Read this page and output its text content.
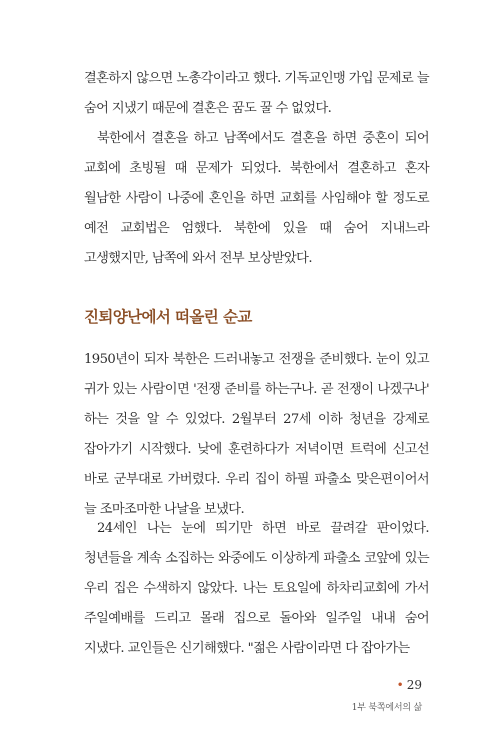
결혼하지 않으면 노총각이라고 했다. 기독교인맹 가입 문제로 늘 숨어 지냈기 때문에 결혼은 꿈도 꿀 수 없었다.

북한에서 결혼을 하고 남쪽에서도 결혼을 하면 중혼이 되어 교회에 초빙될 때 문제가 되었다. 북한에서 결혼하고 혼자 월남한 사람이 나중에 혼인을 하면 교회를 사임해야 할 정도로 예전 교회법은 엄했다. 북한에 있을 때 숨어 지내느라 고생했지만, 남쪽에 와서 전부 보상받았다.

진퇴양난에서 떠올린 순교

1950년이 되자 북한은 드러내놓고 전쟁을 준비했다. 눈이 있고 귀가 있는 사람이면 '전쟁 준비를 하는구나. 곧 전쟁이 나겠구나' 하는 것을 알 수 있었다. 2월부터 27세 이하 청년을 강제로 잡아가기 시작했다. 낮에 훈련하다가 저녁이면 트럭에 신고선 바로 군부대로 가버렸다. 우리 집이 하필 파출소 맞은편이어서 늘 조마조마한 나날을 보냈다.

24세인 나는 눈에 띄기만 하면 바로 끌려갈 판이었다. 청년들을 계속 소집하는 와중에도 이상하게 파출소 코앞에 있는 우리 집은 수색하지 않았다. 나는 토요일에 하차리교회에 가서 주일예배를 드리고 몰래 집으로 돌아와 일주일 내내 숨어 지냈다. 교인들은 신기해했다. "젊은 사람이라면 다 잡아가는

• 29
1부 북쪽에서의 삶
